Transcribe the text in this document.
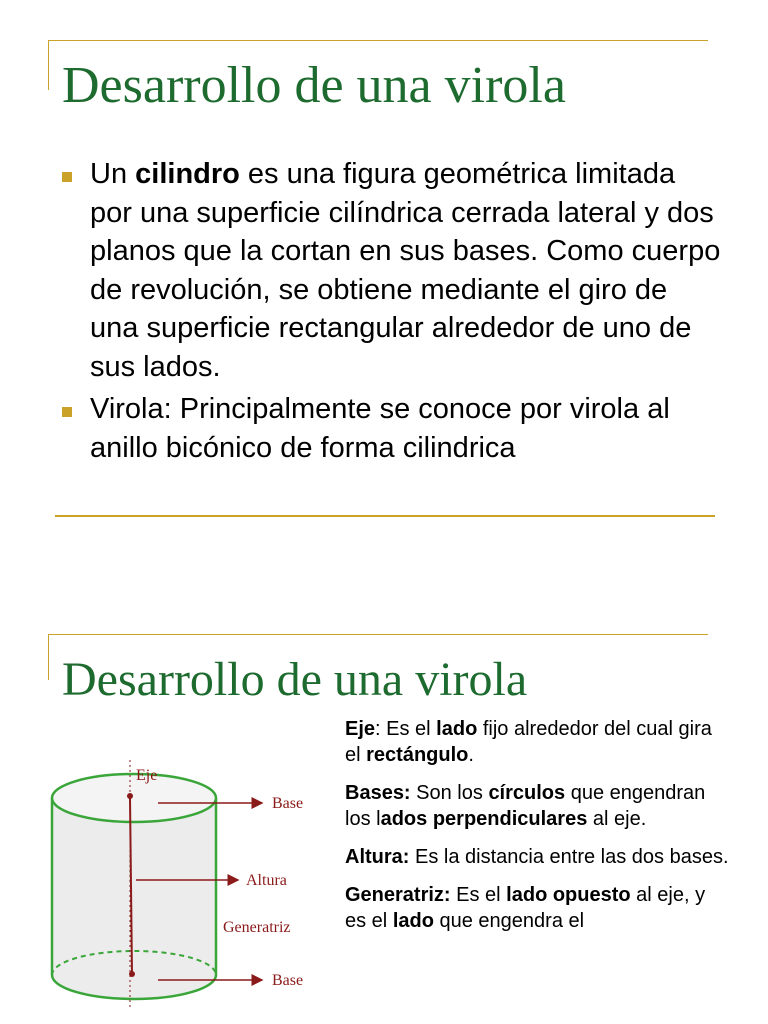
Desarrollo de una virola
Un cilindro es una figura geométrica limitada por una superficie cilíndrica cerrada lateral y dos planos que la cortan en sus bases. Como cuerpo de revolución, se obtiene mediante el giro de una superficie rectangular alrededor de uno de sus lados.
Virola: Principalmente se conoce por virola al anillo bicónico de forma cilindrica
Desarrollo de una virola
Eje
Base
Altura
Generatriz
Base
Eje: Es el lado fijo alrededor del cual gira el rectángulo.
Bases: Son los círculos que engendran los lados perpendiculares al eje.
Altura: Es la distancia entre las dos bases.
Generatriz: Es el lado opuesto al eje, y es el lado que engendra el
